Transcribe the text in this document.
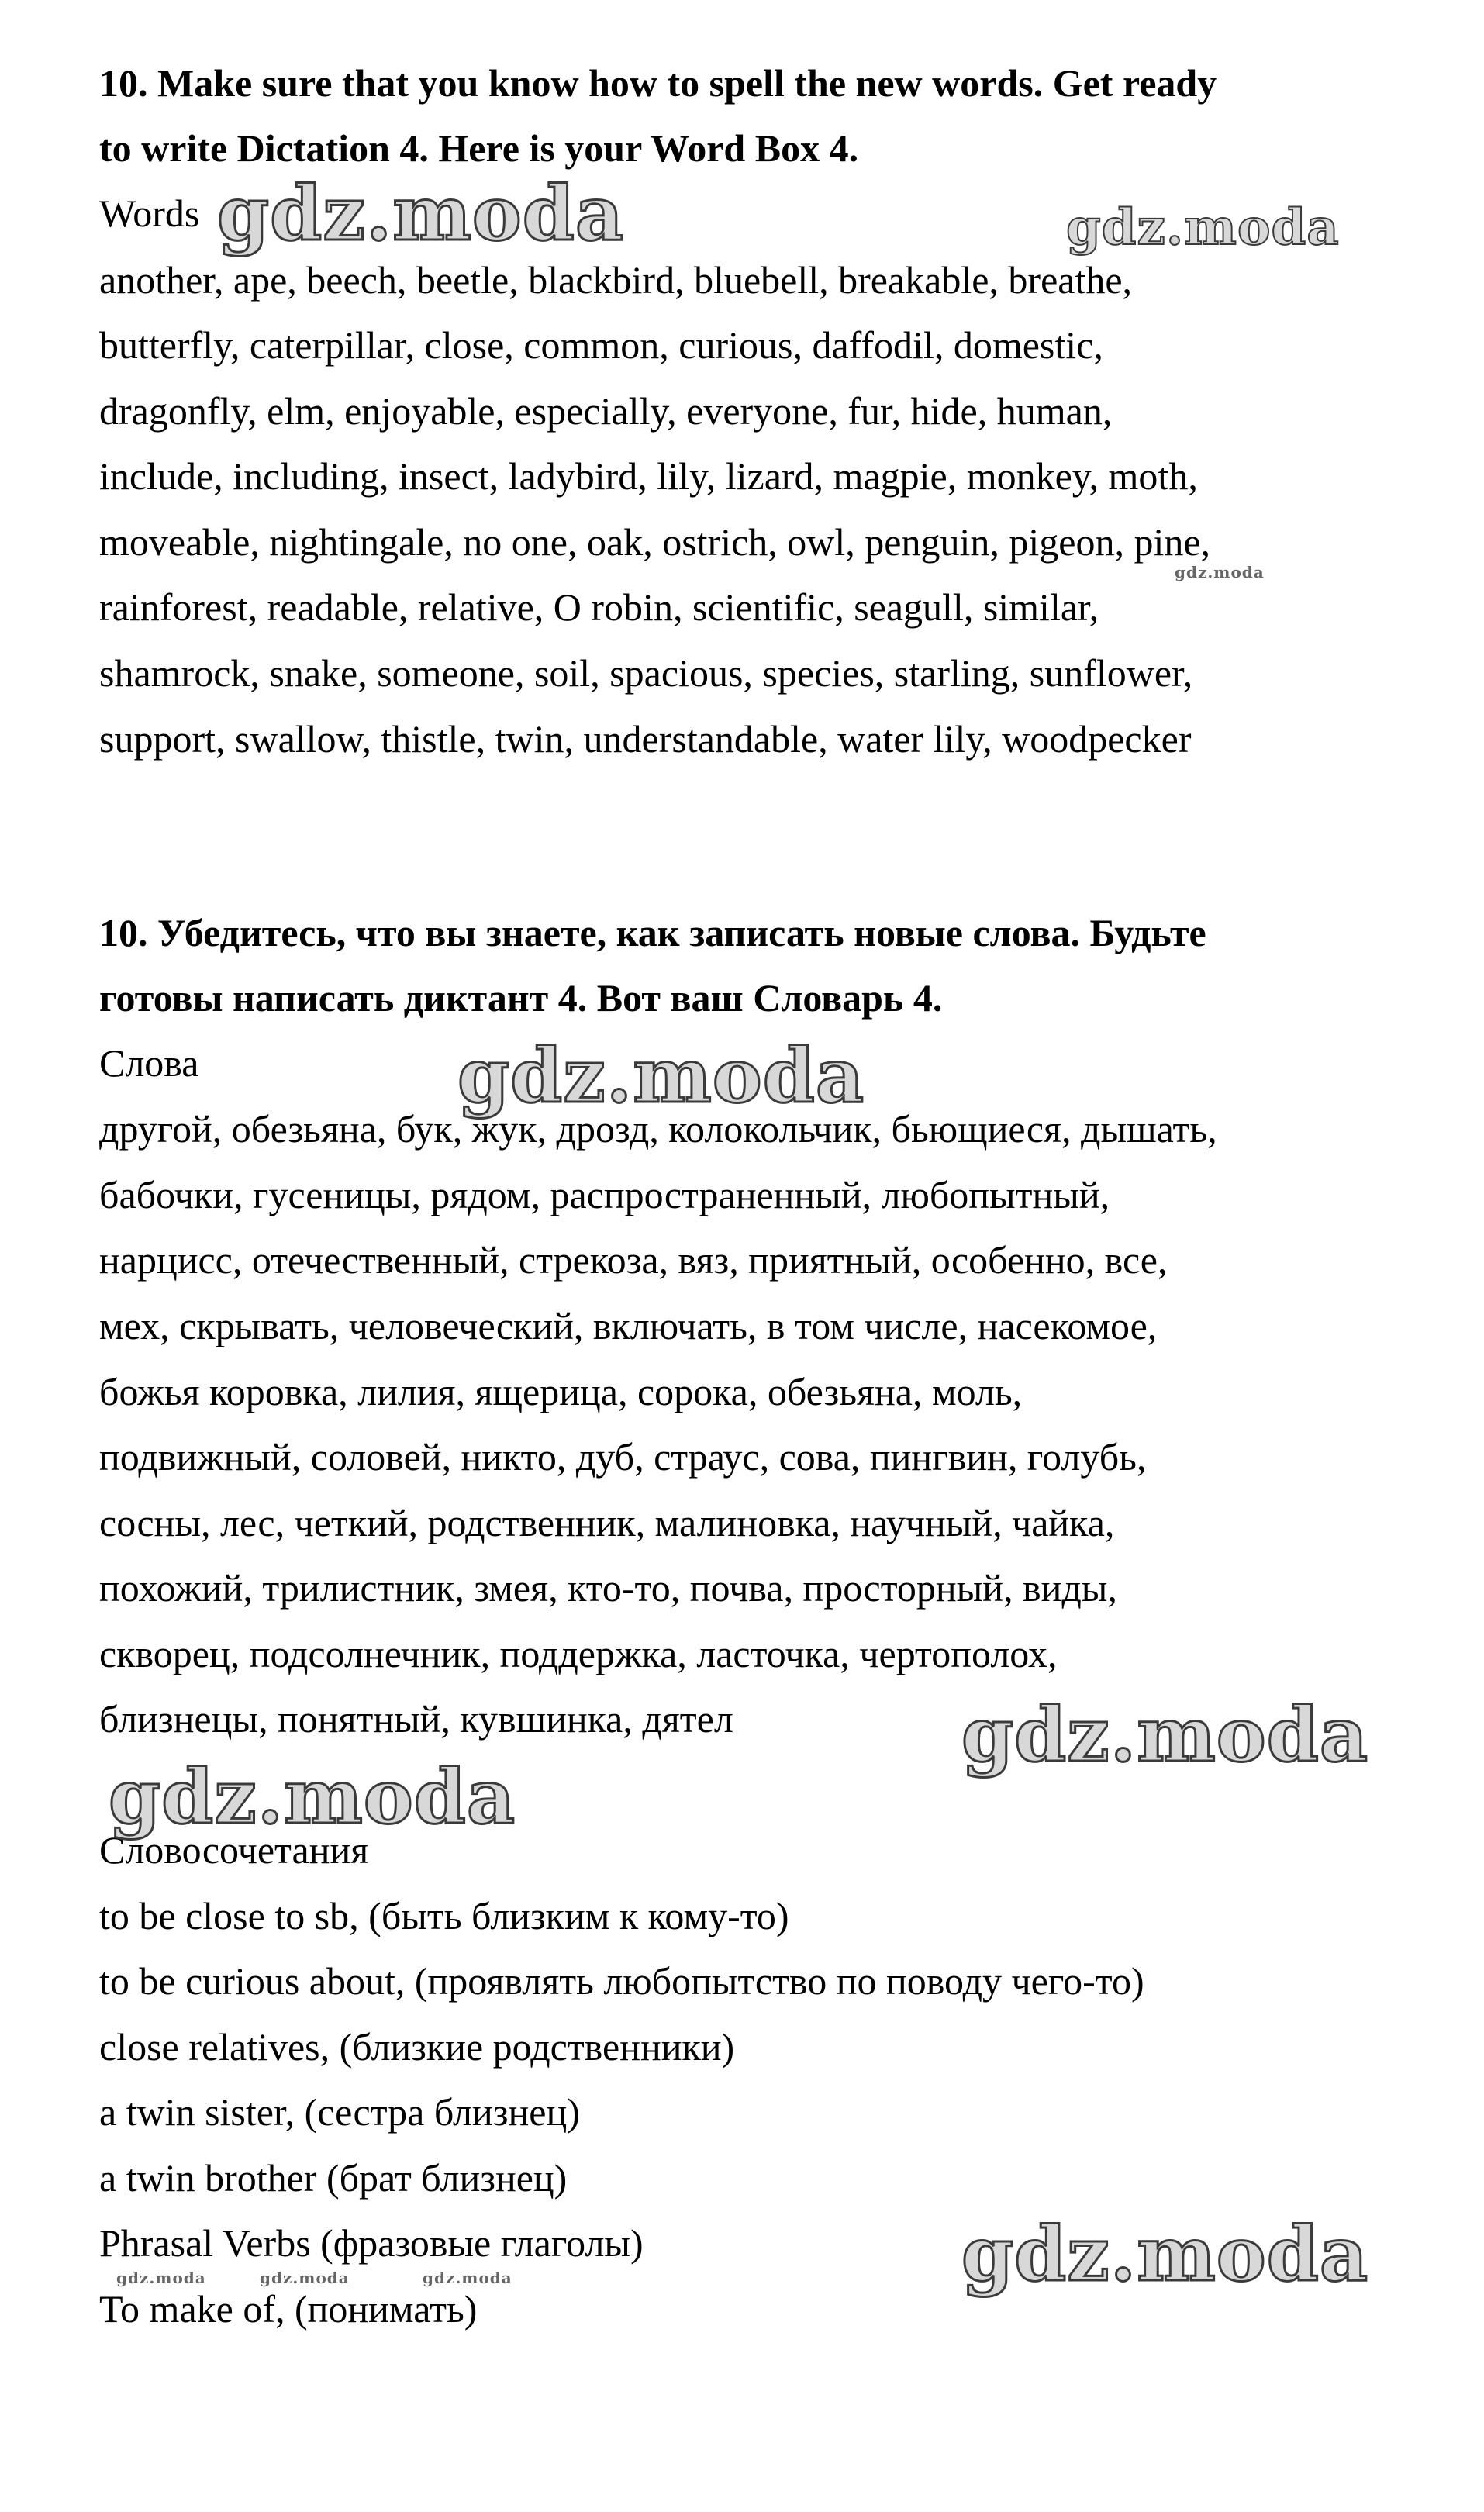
10. Make sure that you know how to spell the new words. Get ready
to write Dictation 4. Here is your Word Box 4.
Words
another, ape, beech, beetle, blackbird, bluebell, breakable, breathe,
butterfly, caterpillar, close, common, curious, daffodil, domestic,
dragonfly, elm, enjoyable, especially, everyone, fur, hide, human,
include, including, insect, ladybird, lily, lizard, magpie, monkey, moth,
moveable, nightingale, no one, oak, ostrich, owl, penguin, pigeon, pine,
rainforest, readable, relative, O robin, scientific, seagull, similar,
shamrock, snake, someone, soil, spacious, species, starling, sunflower,
support, swallow, thistle, twin, understandable, water lily, woodpecker
10. Убедитесь, что вы знаете, как записать новые слова. Будьте
готовы написать диктант 4. Вот ваш Словарь 4.
Слова
другой, обезьяна, бук, жук, дрозд, колокольчик, бьющиеся, дышать,
бабочки, гусеницы, рядом, распространенный, любопытный,
нарцисс, отечественный, стрекоза, вяз, приятный, особенно, все,
мех, скрывать, человеческий, включать, в том числе, насекомое,
божья коровка, лилия, ящерица, сорока, обезьяна, моль,
подвижный, соловей, никто, дуб, страус, сова, пингвин, голубь,
сосны, лес, четкий, родственник, малиновка, научный, чайка,
похожий, трилистник, змея, кто-то, почва, просторный, виды,
скворец, подсолнечник, поддержка, ласточка, чертополох,
близнецы, понятный, кувшинка, дятел
Словосочетания
to be close to sb, (быть близким к кому-то)
to be curious about, (проявлять любопытство по поводу чего-то)
close relatives, (близкие родственники)
a twin sister, (сестра близнец)
a twin brother (брат близнец)
Phrasal Verbs (фразовые глаголы)
To make of, (понимать)
gdz.moda	gdz.moda
gdz.moda
gdz.moda
gdz.moda
gdz.moda
gdz.moda
gdz.moda	gdz.moda	gdz.moda
